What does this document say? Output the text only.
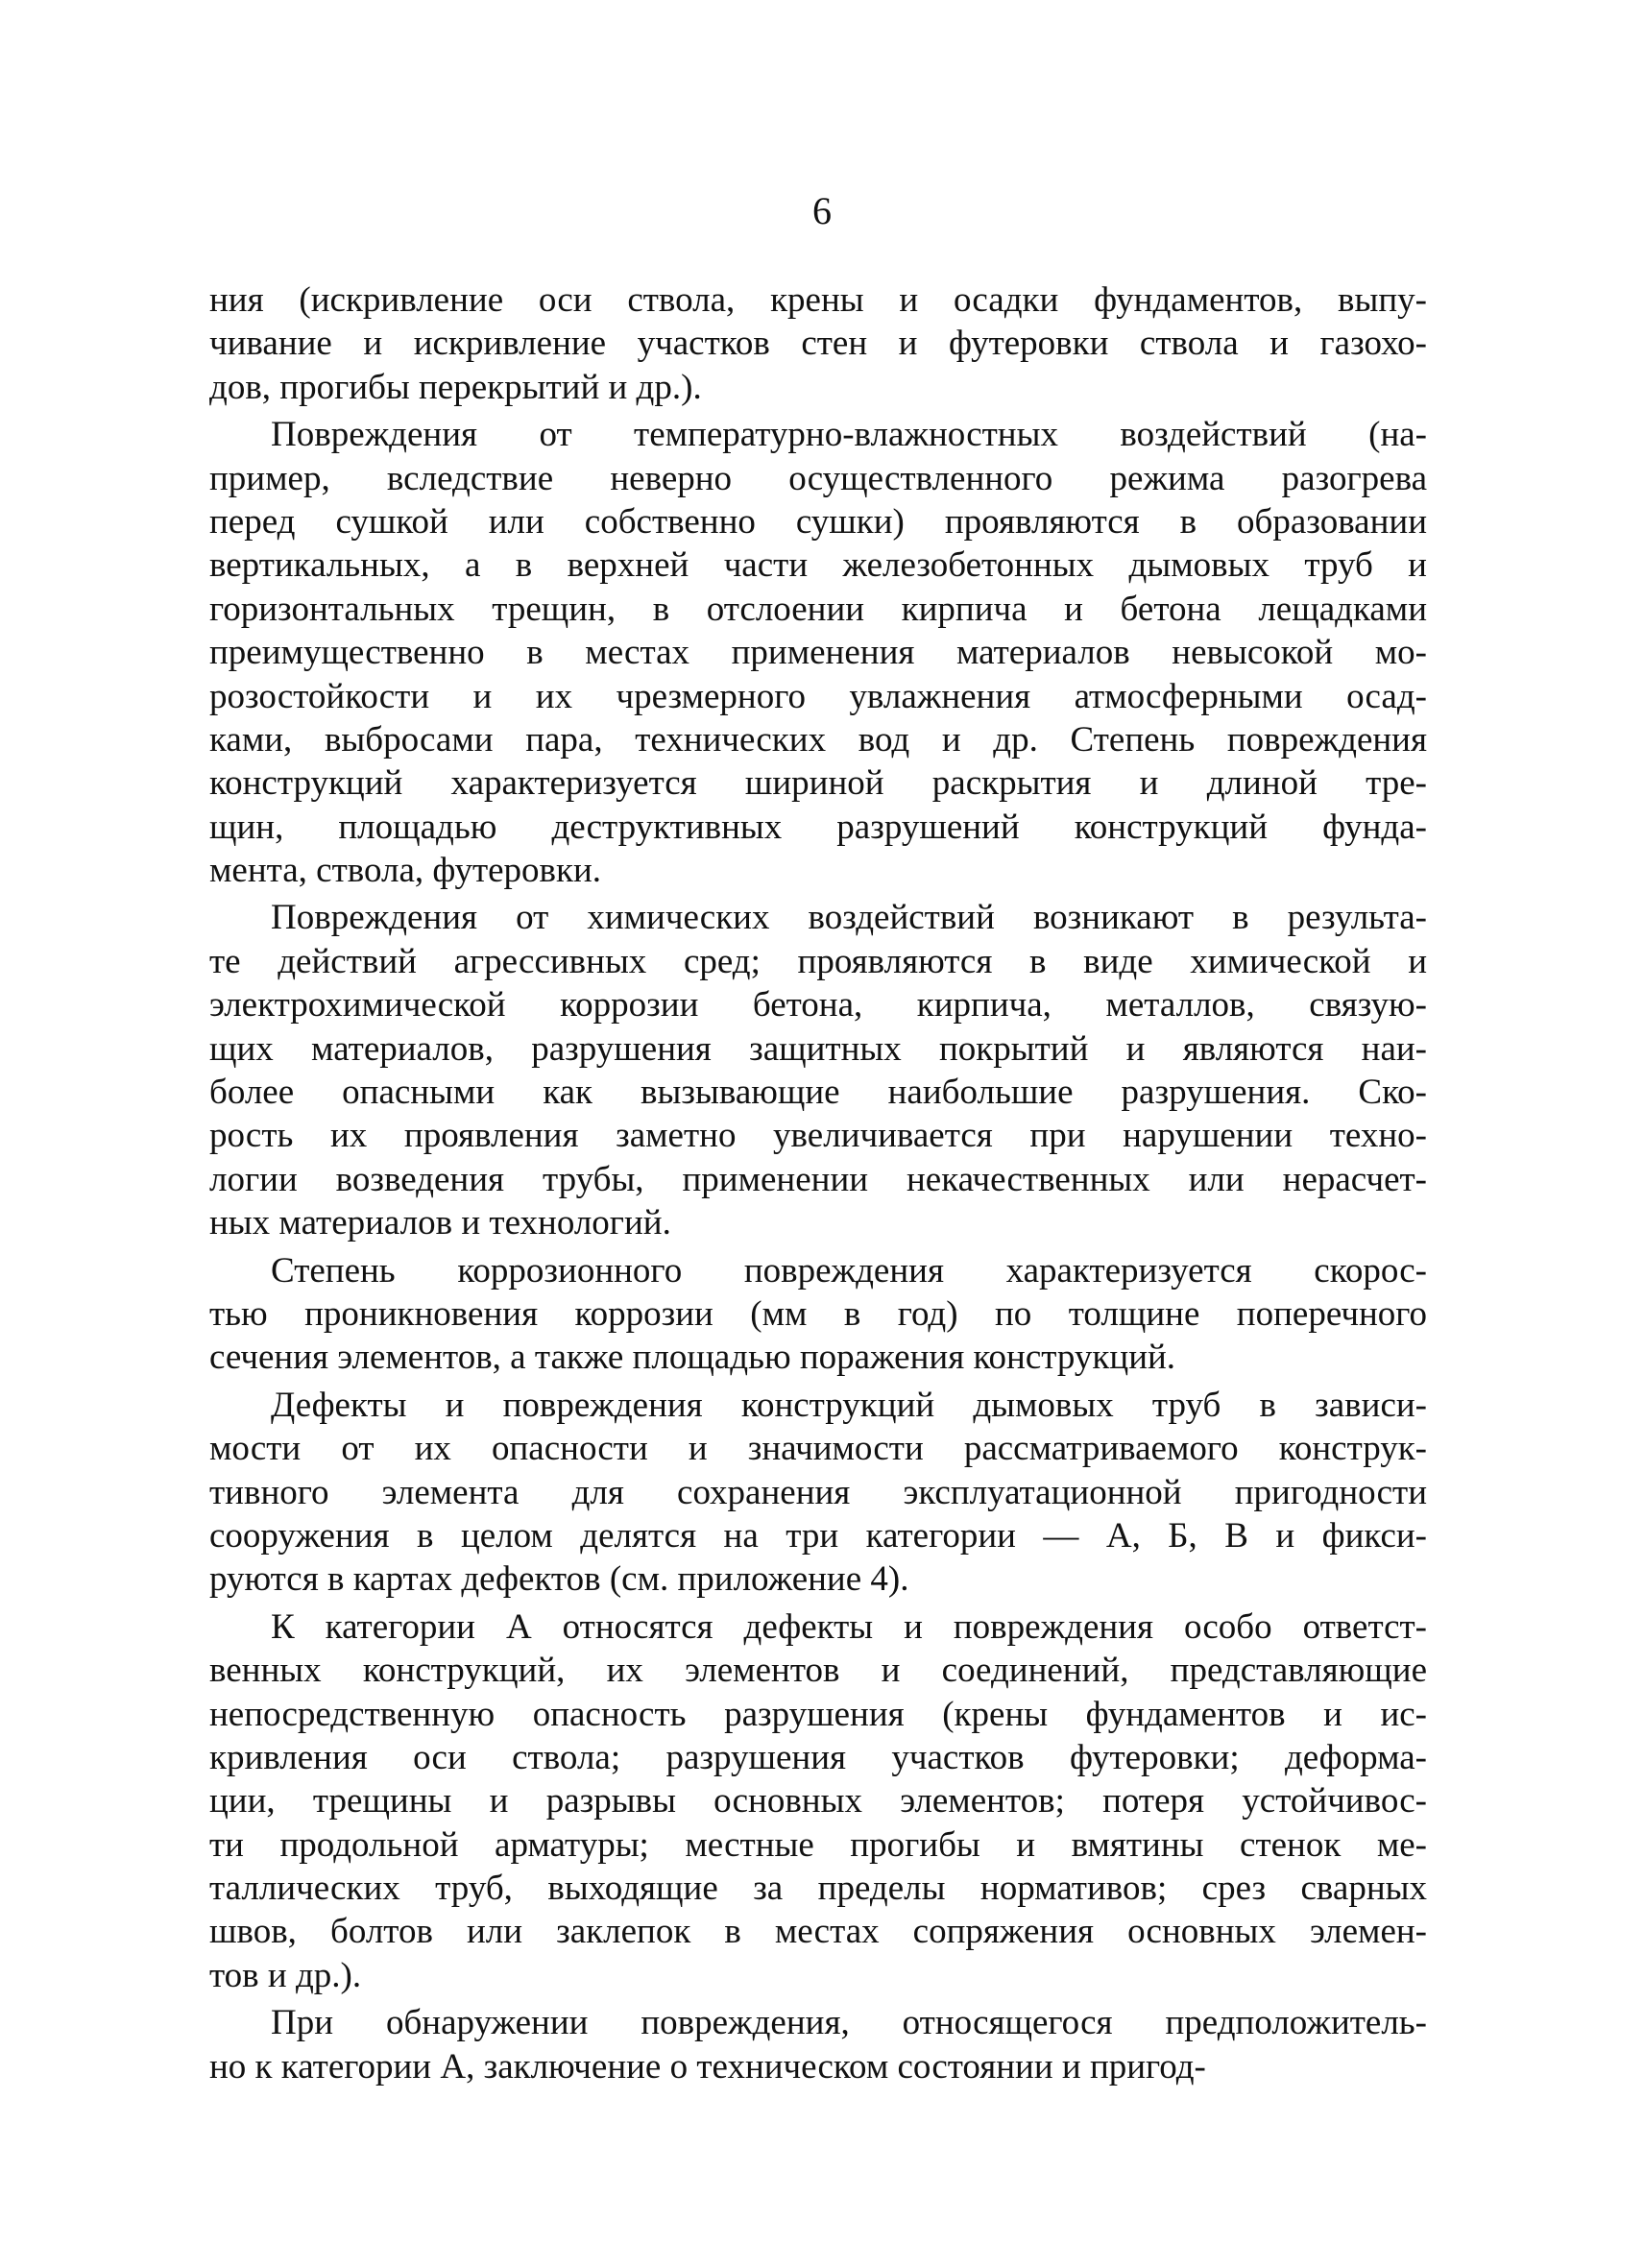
6
ния (искривление оси ствола, крены и осадки фундаментов, выпу-
чивание и искривление участков стен и футеровки ствола и газохо-
дов, прогибы перекрытий и др.).
Повреждения от температурно-влажностных воздействий (на-
пример, вследствие неверно осуществленного режима разогрева
перед сушкой или собственно сушки) проявляются в образовании
вертикальных, а в верхней части железобетонных дымовых труб и
горизонтальных трещин, в отслоении кирпича и бетона лещадками
преимущественно в местах применения материалов невысокой мо-
розостойкости и их чрезмерного увлажнения атмосферными осад-
ками, выбросами пара, технических вод и др. Степень повреждения
конструкций характеризуется шириной раскрытия и длиной тре-
щин, площадью деструктивных разрушений конструкций фунда-
мента, ствола, футеровки.
Повреждения от химических воздействий возникают в результа-
те действий агрессивных сред; проявляются в виде химической и
электрохимической коррозии бетона, кирпича, металлов, связую-
щих материалов, разрушения защитных покрытий и являются наи-
более опасными как вызывающие наибольшие разрушения. Ско-
рость их проявления заметно увеличивается при нарушении техно-
логии возведения трубы, применении некачественных или нерасчет-
ных материалов и технологий.
Степень коррозионного повреждения характеризуется скорос-
тью проникновения коррозии (мм в год) по толщине поперечного
сечения элементов, а также площадью поражения конструкций.
Дефекты и повреждения конструкций дымовых труб в зависи-
мости от их опасности и значимости рассматриваемого конструк-
тивного элемента для сохранения эксплуатационной пригодности
сооружения в целом делятся на три категории — А, Б, В и фикси-
руются в картах дефектов (см. приложение 4).
К категории А относятся дефекты и повреждения особо ответст-
венных конструкций, их элементов и соединений, представляющие
непосредственную опасность разрушения (крены фундаментов и ис-
кривления оси ствола; разрушения участков футеровки; деформа-
ции, трещины и разрывы основных элементов; потеря устойчивос-
ти продольной арматуры; местные прогибы и вмятины стенок ме-
таллических труб, выходящие за пределы нормативов; срез сварных
швов, болтов или заклепок в местах сопряжения основных элемен-
тов и др.).
При обнаружении повреждения, относящегося предположитель-
но к категории А, заключение о техническом состоянии и пригод-
